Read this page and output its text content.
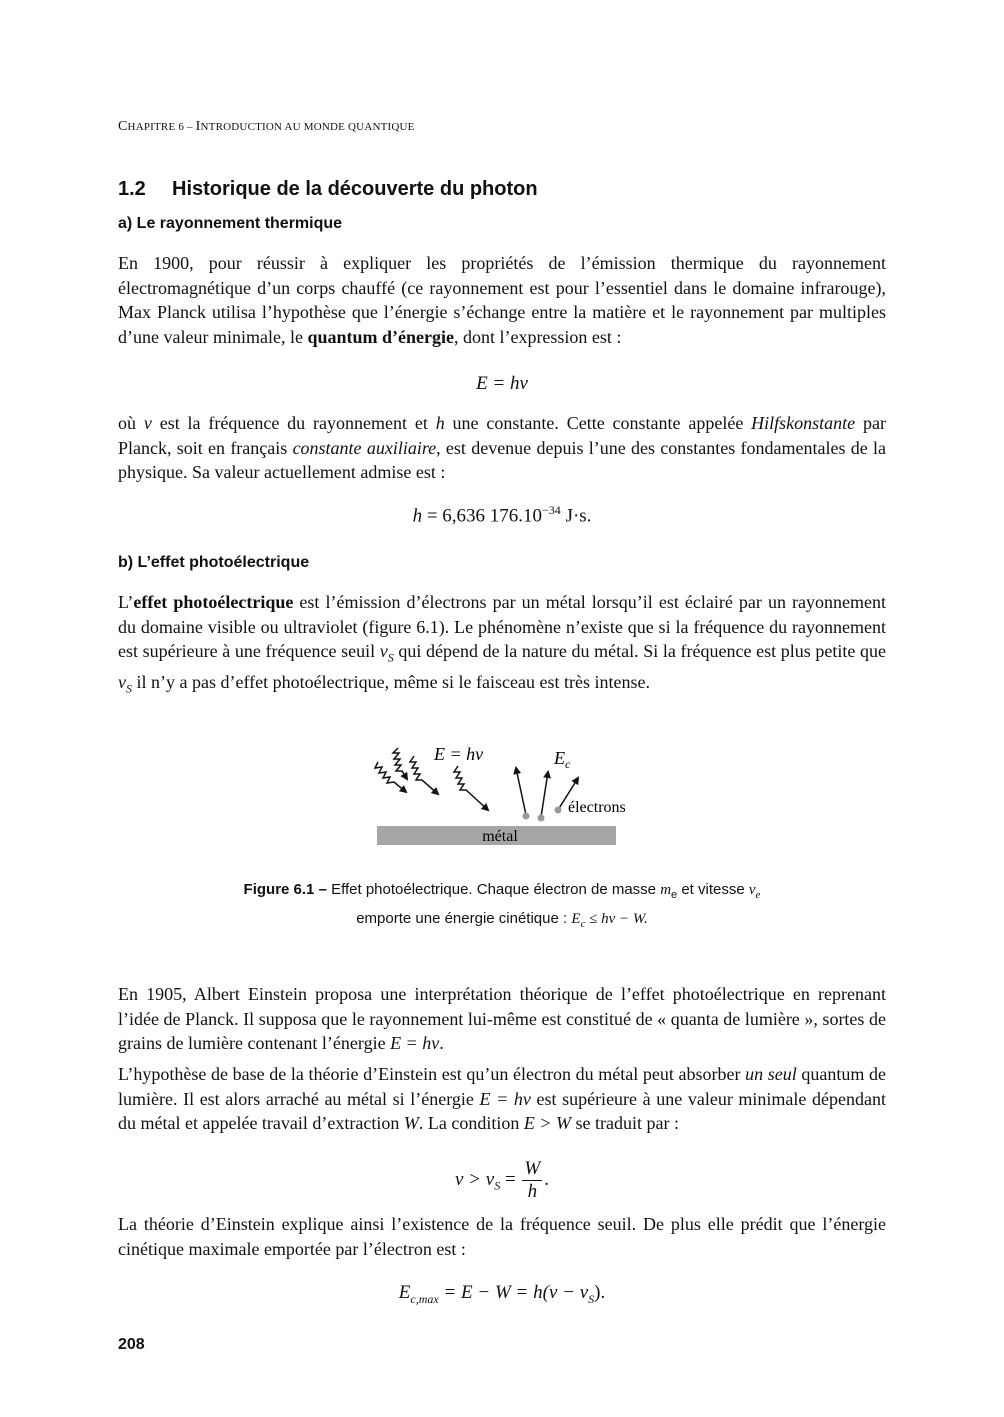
CHAPITRE 6 – INTRODUCTION AU MONDE QUANTIQUE
1.2 Historique de la découverte du photon
a) Le rayonnement thermique
En 1900, pour réussir à expliquer les propriétés de l’émission thermique du rayonnement électromagnétique d’un corps chauffé (ce rayonnement est pour l’essentiel dans le domaine infrarouge), Max Planck utilisa l’hypothèse que l’énergie s’échange entre la matière et le rayonnement par multiples d’une valeur minimale, le quantum d’énergie, dont l’expression est :
E = hν
où ν est la fréquence du rayonnement et h une constante. Cette constante appelée Hilfskonstante par Planck, soit en français constante auxiliaire, est devenue depuis l’une des constantes fondamentales de la physique. Sa valeur actuellement admise est :
h = 6,636 $176.10^{-34}$ J·s.
b) L’effet photoélectrique
L’effet photoélectrique est l’émission d’électrons par un métal lorsqu’il est éclairé par un rayonnement du domaine visible ou ultraviolet (figure 6.1). Le phénomène n’existe que si la fréquence du rayonnement est supérieure à une fréquence seuil $\nu_S$ qui dépend de la nature du métal. Si la fréquence est plus petite que $\nu_S$ il n’y a pas d’effet photoélectrique, même si le faisceau est très intense.
métal
E = hν	$E_c$
électrons
Figure 6.1 – Effet photoélectrique. Chaque électron de masse $m_e$ et vitesse $v_e$
emporte une énergie cinétique : $E_c \le h\nu - W$.
En 1905, Albert Einstein proposa une interprétation théorique de l’effet photoélectrique en reprenant l’idée de Planck. Il supposa que le rayonnement lui-même est constitué de « quanta de lumière », sortes de grains de lumière contenant l’énergie E = hν.
L’hypothèse de base de la théorie d’Einstein est qu’un électron du métal peut absorber un seul quantum de lumière. Il est alors arraché au métal si l’énergie E = hν est supérieure à une valeur minimale dépendant du métal et appelée travail d’extraction W. La condition E > W se traduit par :
$\nu > \nu_S = \frac{W}{h}$ .
La théorie d’Einstein explique ainsi l’existence de la fréquence seuil. De plus elle prédit que l’énergie cinétique maximale emportée par l’électron est :
$E_{c,max} = E - W = h(\nu - \nu_S)$.
208
